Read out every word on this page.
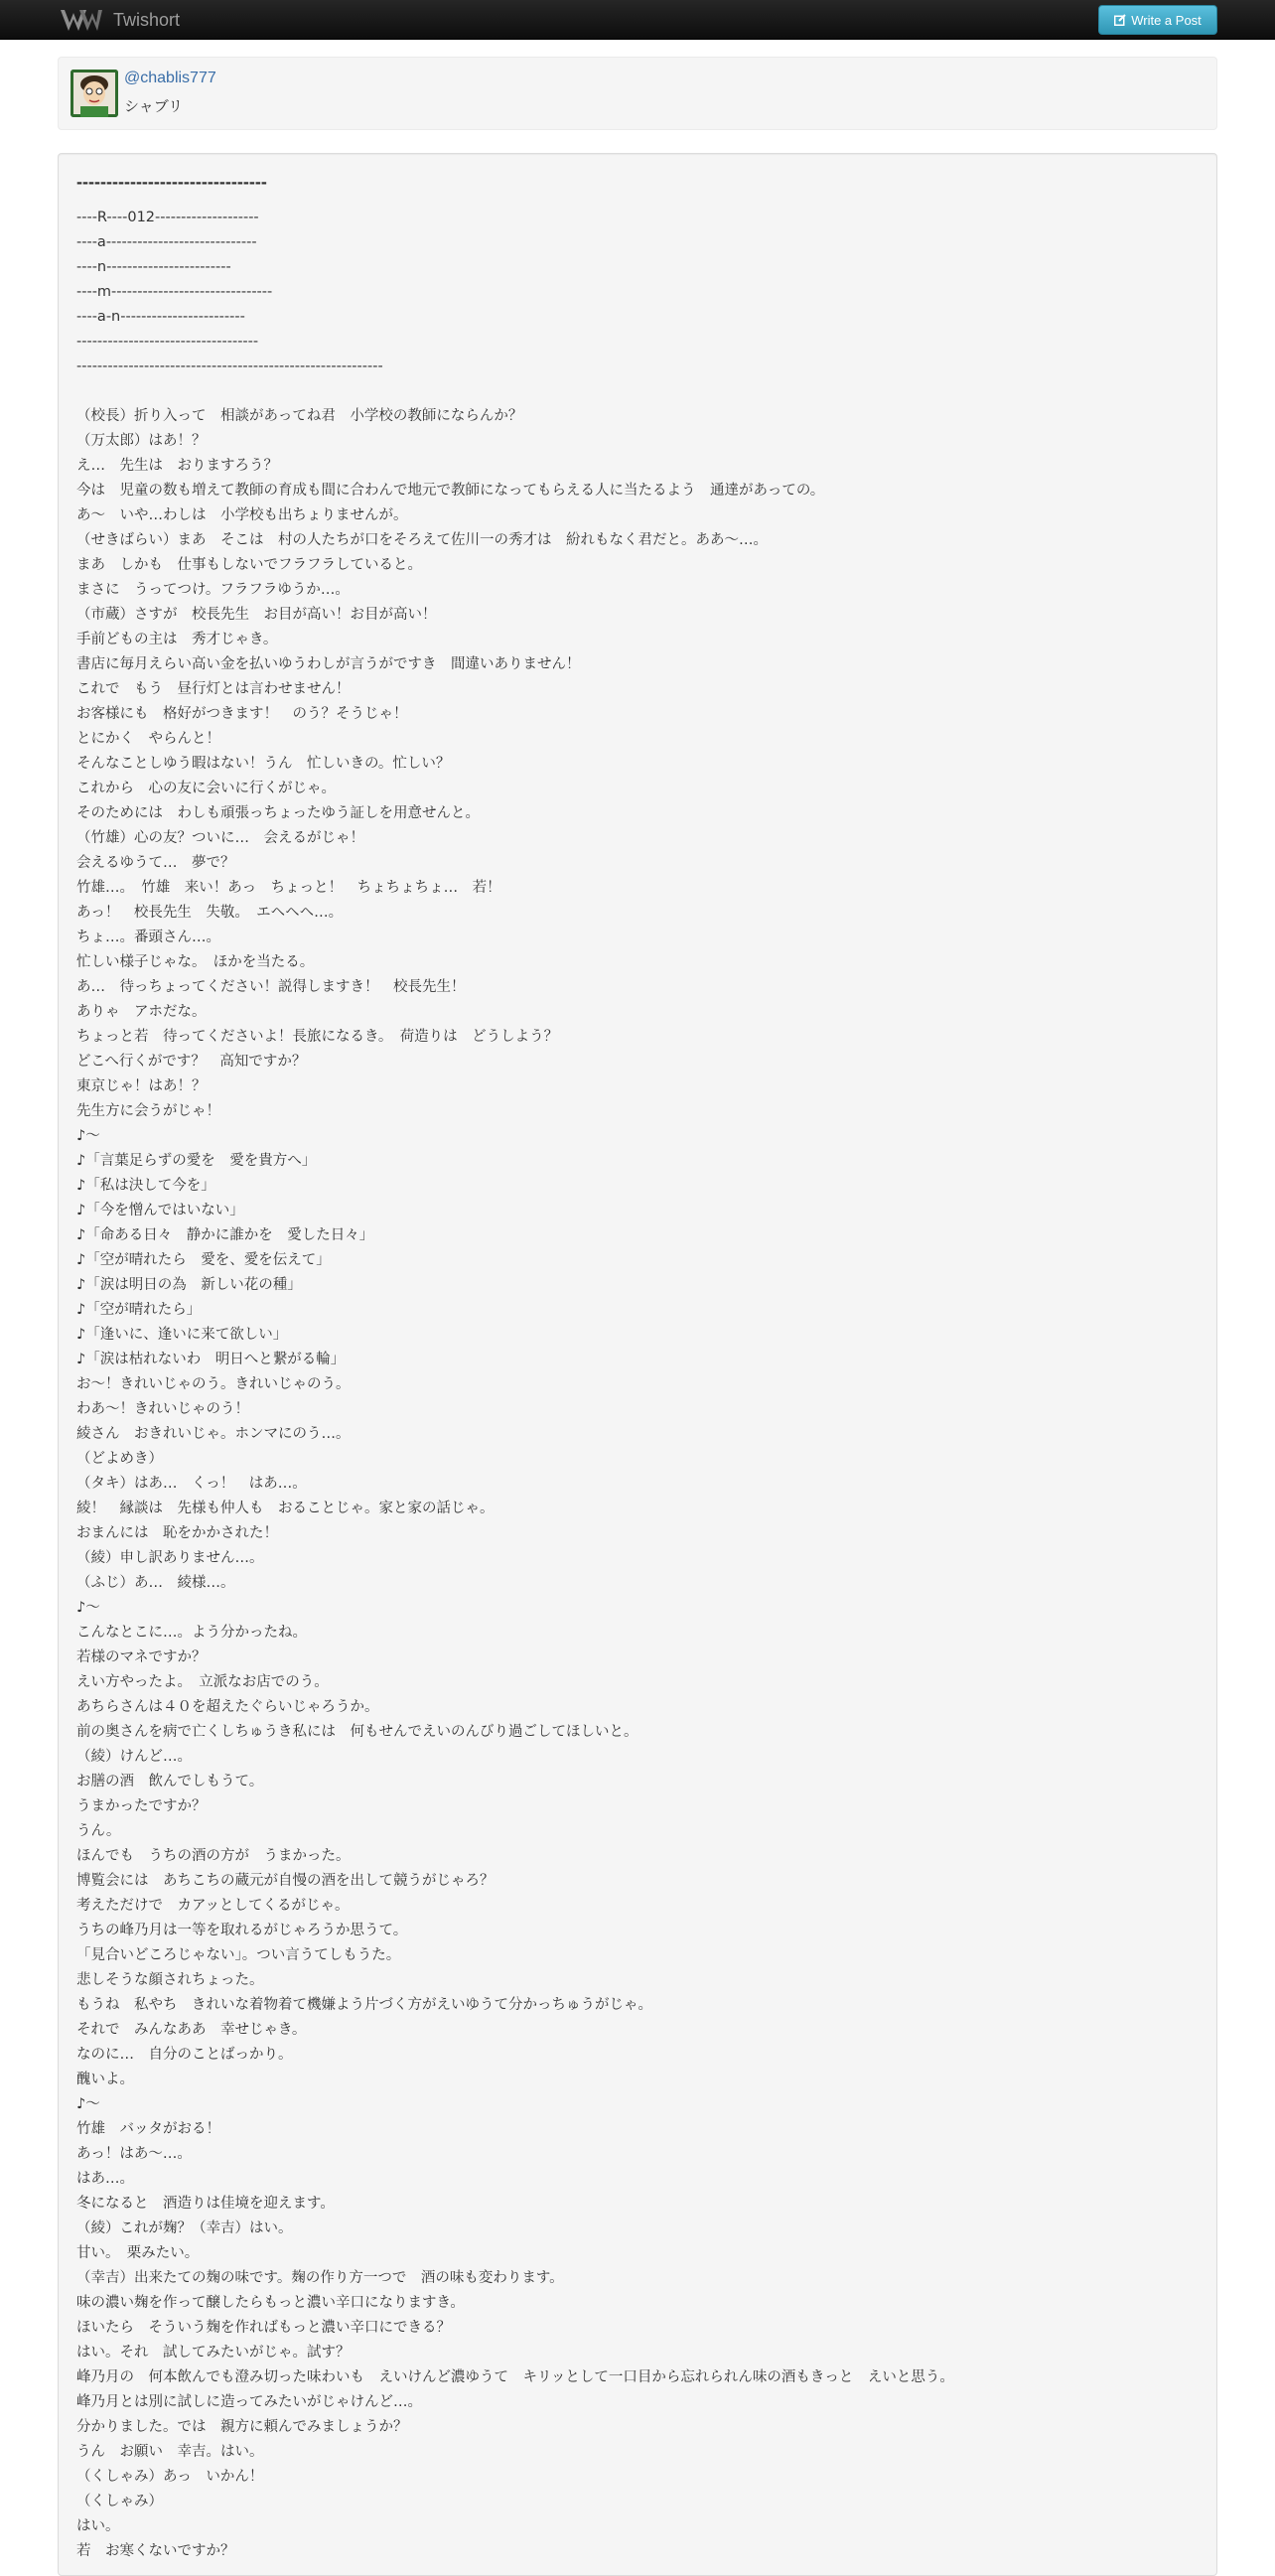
Twishort	Write a Post
@chablis777
シャブリ
--------------------------------
----R----012--------------------
----a-----------------------------
----n------------------------
----m-------------------------------
----a-n------------------------
-----------------------------------
-----------------------------------------------------------
（校長）折り入って　相談があってね君　小学校の教師にならんか？
（万太郎）はあ！？
え…　先生は　おりますろう？
今は　児童の数も増えて教師の育成も間に合わんで地元で教師になってもらえる人に当たるよう　通達があっての。
あ～　いや…わしは　小学校も出ちょりませんが。
（せきばらい）まあ　そこは　村の人たちが口をそろえて佐川一の秀才は　紛れもなく君だと。ああ～…。
まあ　しかも　仕事もしないでフラフラしていると。
まさに　うってつけ。フラフラゆうか…。
（市蔵）さすが　校長先生　お目が高い！お目が高い！
手前どもの主は　秀才じゃき。
書店に毎月えらい高い金を払いゆうわしが言うがですき　間違いありません！
これで　もう　昼行灯とは言わせません！
お客様にも　格好がつきます！　のう？そうじゃ！
とにかく　やらんと！
そんなことしゆう暇はない！うん　忙しいきの。忙しい？
これから　心の友に会いに行くがじゃ。
そのためには　わしも頑張っちょったゆう証しを用意せんと。
（竹雄）心の友？ついに…　会えるがじゃ！
会えるゆうて…　夢で？
竹雄…。　竹雄　来い！あっ　ちょっと！　ちょちょちょ…　若！
あっ！　校長先生　失敬。　エヘヘヘ…。
ちょ…。番頭さん…。
忙しい様子じゃな。　ほかを当たる。
あ…　待っちょってください！説得しますき！　校長先生！
ありゃ　アホだな。
ちょっと若　待ってくださいよ！長旅になるき。　荷造りは　どうしよう？
どこへ行くがです？　高知ですか？
東京じゃ！はあ！？
先生方に会うがじゃ！
♪～
♪「言葉足らずの愛を　愛を貴方へ」
♪「私は決して今を」
♪「今を憎んではいない」
♪「命ある日々　静かに誰かを　愛した日々」
♪「空が晴れたら　愛を、愛を伝えて」
♪「涙は明日の為　新しい花の種」
♪「空が晴れたら」
♪「逢いに、逢いに来て欲しい」
♪「涙は枯れないわ　明日へと繋がる輪」
お～！きれいじゃのう。きれいじゃのう。
わあ～！きれいじゃのう！
綾さん　おきれいじゃ。ホンマにのう…。
（どよめき）
（タキ）はあ…　くっ！　はあ…。
綾！　縁談は　先様も仲人も　おることじゃ。家と家の話じゃ。
おまんには　恥をかかされた！
（綾）申し訳ありません…。
（ふじ）あ…　綾様…。
♪～
こんなとこに…。よう分かったね。
若様のマネですか？
えい方やったよ。　立派なお店でのう。
あちらさんは４０を超えたぐらいじゃろうか。
前の奥さんを病で亡くしちゅうき私には　何もせんでえいのんびり過ごしてほしいと。
（綾）けんど…。
お膳の酒　飲んでしもうて。
うまかったですか？
うん。
ほんでも　うちの酒の方が　うまかった。
博覧会には　あちこちの蔵元が自慢の酒を出して競うがじゃろ？
考えただけで　カアッとしてくるがじゃ。
うちの峰乃月は一等を取れるがじゃろうか思うて。
「見合いどころじゃない」。つい言うてしもうた。
悲しそうな顔されちょった。
もうね　私やち　きれいな着物着て機嫌よう片づく方がえいゆうて分かっちゅうがじゃ。
それで　みんなああ　幸せじゃき。
なのに…　自分のことばっかり。
醜いよ。
♪～
竹雄　バッタがおる！
あっ！はあ～…。
はあ…。
冬になると　酒造りは佳境を迎えます。
（綾）これが麹？（幸吉）はい。
甘い。　栗みたい。
（幸吉）出来たての麹の味です。麹の作り方一つで　酒の味も変わります。
味の濃い麹を作って醸したらもっと濃い辛口になりますき。
ほいたら　そういう麹を作ればもっと濃い辛口にできる？
はい。それ　試してみたいがじゃ。試す？
峰乃月の　何本飲んでも澄み切った味わいも　えいけんど濃ゆうて　キリッとして一口目から忘れられん味の酒もきっと　えいと思う。
峰乃月とは別に試しに造ってみたいがじゃけんど…。
分かりました。では　親方に頼んでみましょうか？
うん　お願い　幸吉。はい。
（くしゃみ）あっ　いかん！
（くしゃみ）
はい。
若　お寒くないですか？
